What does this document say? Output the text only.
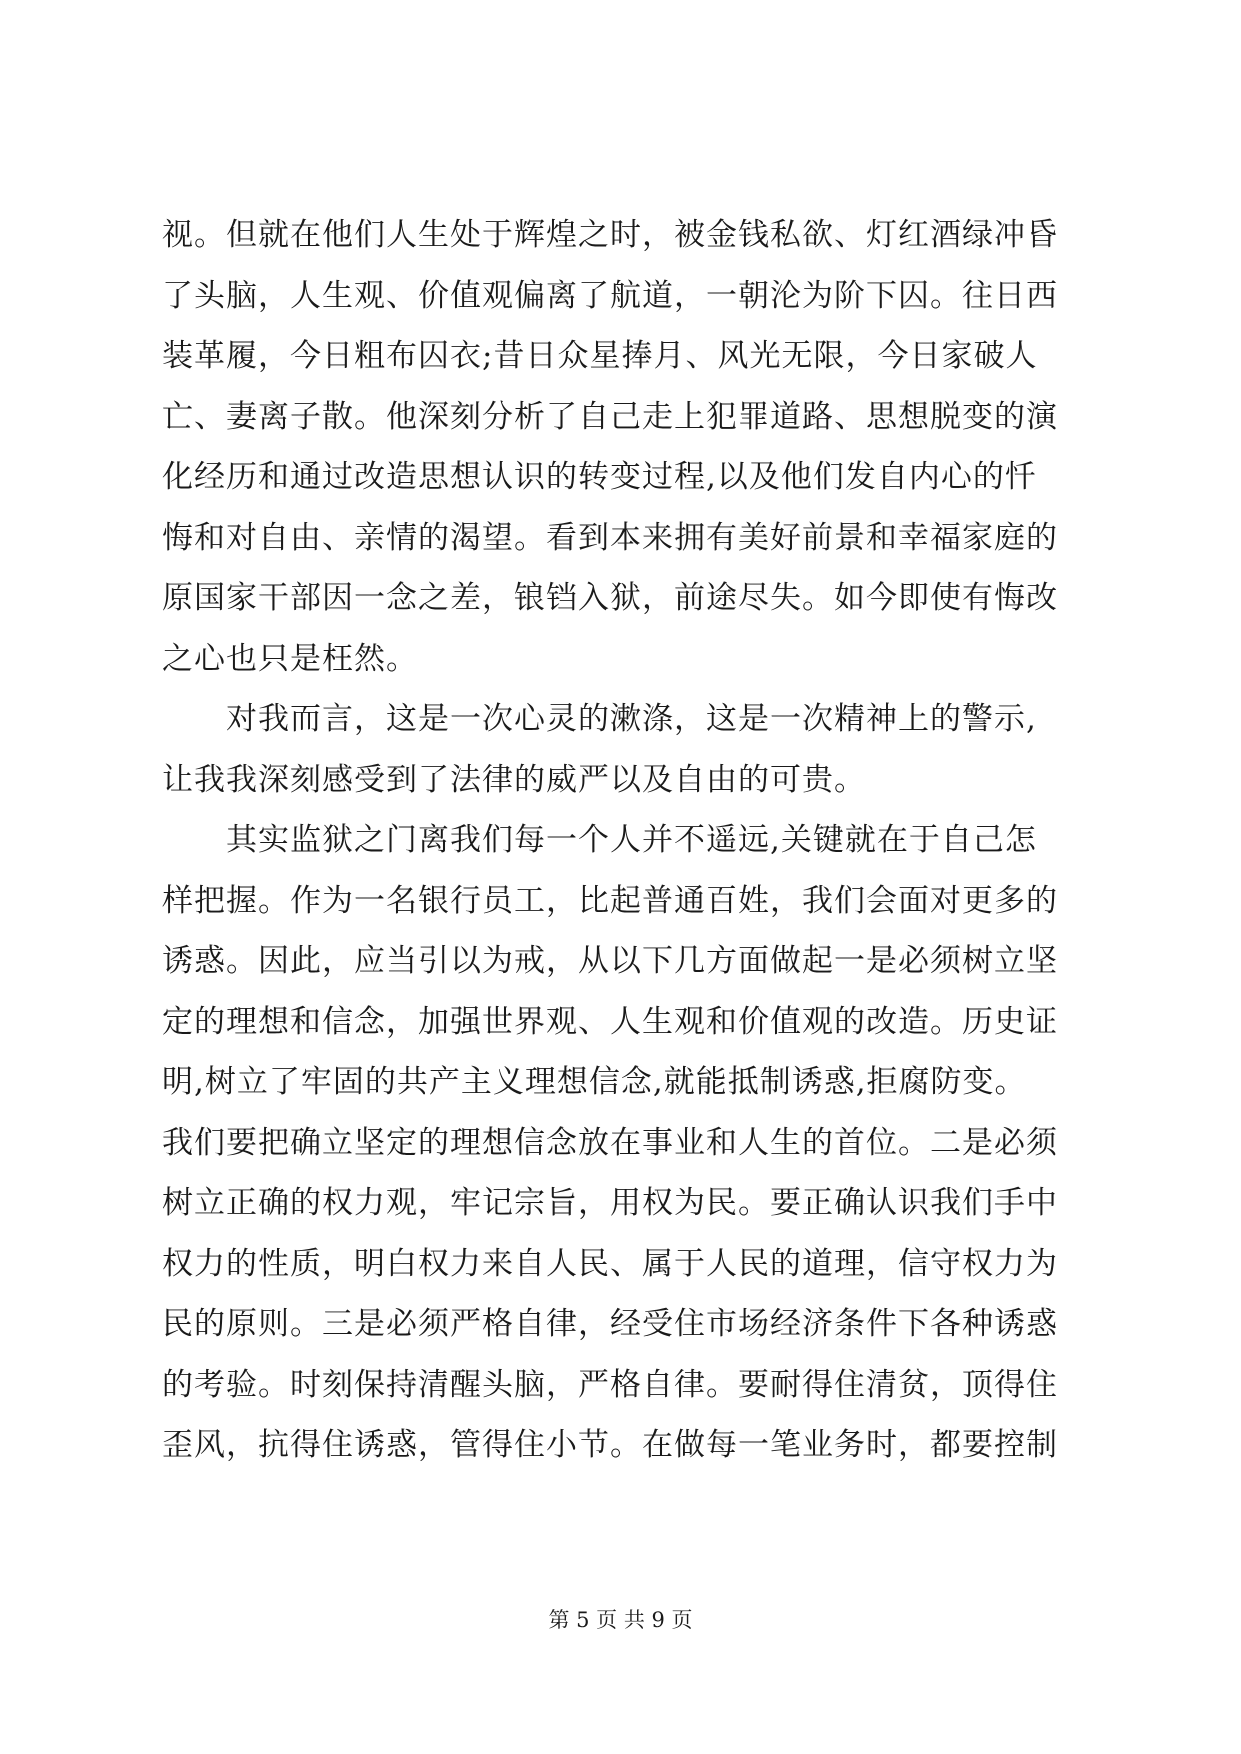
视。但就在他们人生处于辉煌之时，被金钱私欲、灯红酒绿冲昏
了头脑，人生观、价值观偏离了航道，一朝沦为阶下囚。往日西
装革履，今日粗布囚衣;昔日众星捧月、风光无限，今日家破人
亡、妻离子散。他深刻分析了自己走上犯罪道路、思想脱变的演
化经历和通过改造思想认识的转变过程,以及他们发自内心的忏
悔和对自由、亲情的渴望。看到本来拥有美好前景和幸福家庭的
原国家干部因一念之差，锒铛入狱，前途尽失。如今即使有悔改
之心也只是枉然。
　　对我而言，这是一次心灵的漱涤，这是一次精神上的警示,
让我我深刻感受到了法律的威严以及自由的可贵。
　　其实监狱之门离我们每一个人并不遥远,关键就在于自己怎
样把握。作为一名银行员工，比起普通百姓，我们会面对更多的
诱惑。因此，应当引以为戒，从以下几方面做起一是必须树立坚
定的理想和信念，加强世界观、人生观和价值观的改造。历史证
明,树立了牢固的共产主义理想信念,就能抵制诱惑,拒腐防变。
我们要把确立坚定的理想信念放在事业和人生的首位。二是必须
树立正确的权力观，牢记宗旨，用权为民。要正确认识我们手中
权力的性质，明白权力来自人民、属于人民的道理，信守权力为
民的原则。三是必须严格自律，经受住市场经济条件下各种诱惑
的考验。时刻保持清醒头脑，严格自律。要耐得住清贫，顶得住
歪风，抗得住诱惑，管得住小节。在做每一笔业务时，都要控制
第 5 页 共 9 页
